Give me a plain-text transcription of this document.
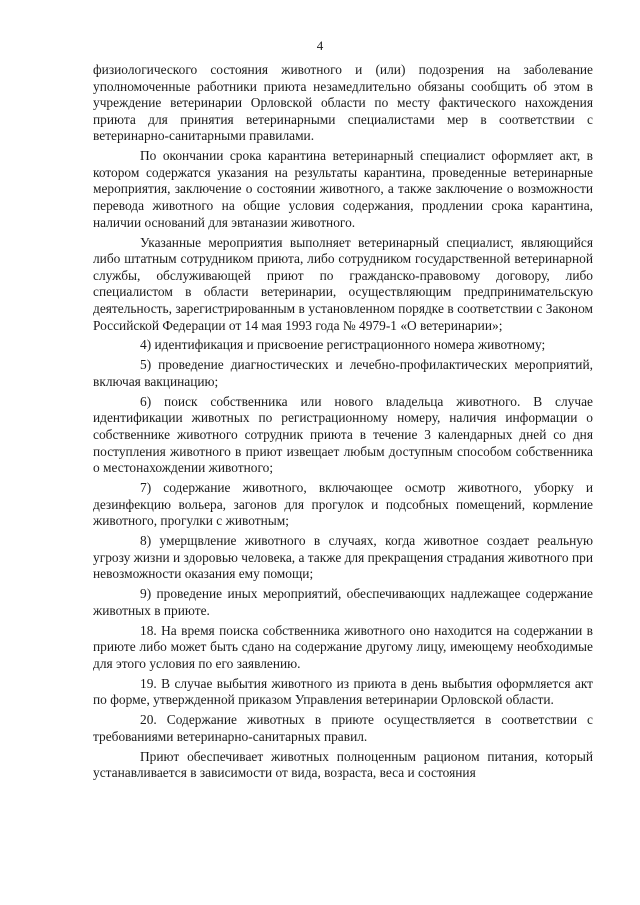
4

физиологического состояния животного и (или) подозрения на заболевание уполномоченные работники приюта незамедлительно обязаны сообщить об этом в учреждение ветеринарии Орловской области по месту фактического нахождения приюта для принятия ветеринарными специалистами мер в соответствии с ветеринарно-санитарными правилами.

По окончании срока карантина ветеринарный специалист оформляет акт, в котором содержатся указания на результаты карантина, проведенные ветеринарные мероприятия, заключение о состоянии животного, а также заключение о возможности перевода животного на общие условия содержания, продлении срока карантина, наличии оснований для эвтаназии животного.

Указанные мероприятия выполняет ветеринарный специалист, являющийся либо штатным сотрудником приюта, либо сотрудником государственной ветеринарной службы, обслуживающей приют по гражданско-правовому договору, либо специалистом в области ветеринарии, осуществляющим предпринимательскую деятельность, зарегистрированным в установленном порядке в соответствии с Законом Российской Федерации от 14 мая 1993 года № 4979-1 «О ветеринарии»;

4) идентификация и присвоение регистрационного номера животному;

5) проведение диагностических и лечебно-профилактических мероприятий, включая вакцинацию;

6) поиск собственника или нового владельца животного. В случае идентификации животных по регистрационному номеру, наличия информации о собственнике животного сотрудник приюта в течение 3 календарных дней со дня поступления животного в приют извещает любым доступным способом собственника о местонахождении животного;

7) содержание животного, включающее осмотр животного, уборку и дезинфекцию вольера, загонов для прогулок и подсобных помещений, кормление животного, прогулки с животным;

8) умерщвление животного в случаях, когда животное создает реальную угрозу жизни и здоровью человека, а также для прекращения страдания животного при невозможности оказания ему помощи;

9) проведение иных мероприятий, обеспечивающих надлежащее содержание животных в приюте.

18. На время поиска собственника животного оно находится на содержании в приюте либо может быть сдано на содержание другому лицу, имеющему необходимые для этого условия по его заявлению.

19. В случае выбытия животного из приюта в день выбытия оформляется акт по форме, утвержденной приказом Управления ветеринарии Орловской области.

20. Содержание животных в приюте осуществляется в соответствии с требованиями ветеринарно-санитарных правил.

Приют обеспечивает животных полноценным рационом питания, который устанавливается в зависимости от вида, возраста, веса и состояния
